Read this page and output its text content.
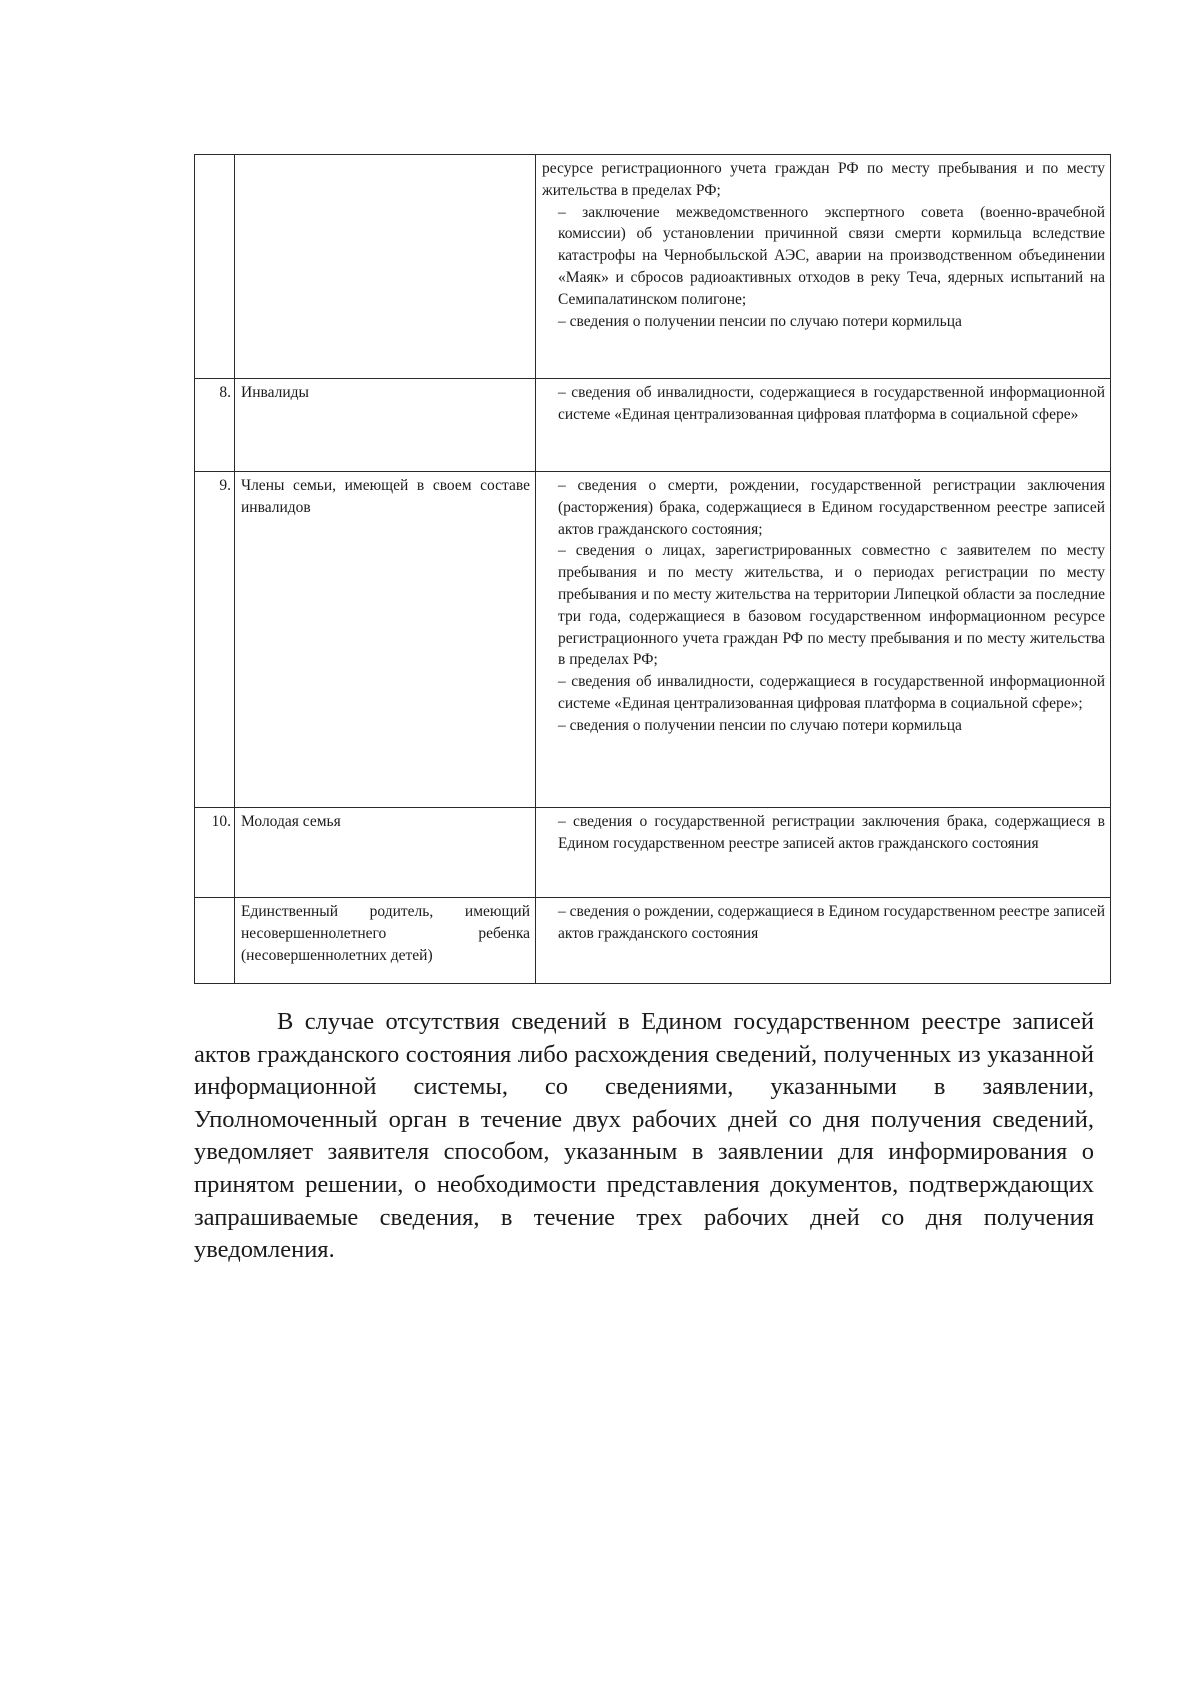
		ресурсе регистрационного учета граждан РФ по месту пребывания и по месту жительства в пределах РФ;
– заключение межведомственного экспертного совета (военно-врачебной комиссии) об установлении причинной связи смерти кормильца вследствие катастрофы на Чернобыльской АЭС, аварии на производственном объединении «Маяк» и сбросов радиоактивных отходов в реку Теча, ядерных испытаний на Семипалатинском полигоне;
– сведения о получении пенсии по случаю потери кормильца

8.	Инвалиды	– сведения об инвалидности, содержащиеся в государственной информационной системе «Единая централизованная цифровая платформа в социальной сфере»

9.	Члены семьи, имеющей в своем составе инвалидов	– сведения о смерти, рождении, государственной регистрации заключения (расторжения) брака, содержащиеся в Едином государственном реестре записей актов гражданского состояния;
– сведения о лицах, зарегистрированных совместно с заявителем по месту пребывания и по месту жительства, и о периодах регистрации по месту пребывания и по месту жительства на территории Липецкой области за последние три года, содержащиеся в базовом государственном информационном ресурсе регистрационного учета граждан РФ по месту пребывания и по месту жительства в пределах РФ;
– сведения об инвалидности, содержащиеся в государственной информационной системе «Единая централизованная цифровая платформа в социальной сфере»;
– сведения о получении пенсии по случаю потери кормильца

10.	Молодая семья	– сведения о государственной регистрации заключения брака, содержащиеся в Едином государственном реестре записей актов гражданского состояния

	Единственный родитель, имеющий несовершеннолетнего ребенка (несовершеннолетних детей)	– сведения о рождении, содержащиеся в Едином государственном реестре записей актов гражданского состояния

В случае отсутствия сведений в Едином государственном реестре записей актов гражданского состояния либо расхождения сведений, полученных из указанной информационной системы, со сведениями, указанными в заявлении, Уполномоченный орган в течение двух рабочих дней со дня получения сведений, уведомляет заявителя способом, указанным в заявлении для информирования о принятом решении, о необходимости представления документов, подтверждающих запрашиваемые сведения, в течение трех рабочих дней со дня получения уведомления.
